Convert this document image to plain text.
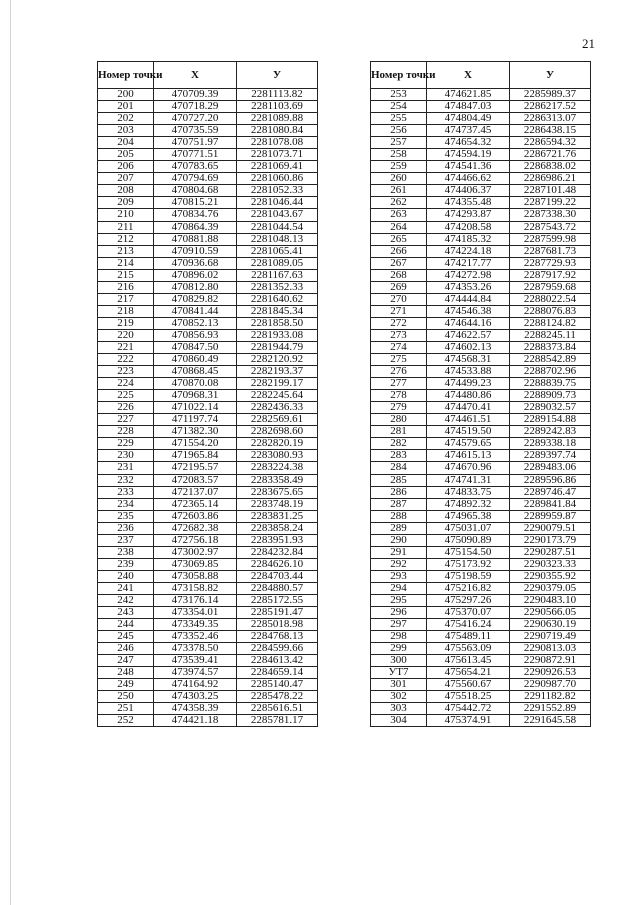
21
Номер точки	Х	У
200	470709.39	2281113.82
201	470718.29	2281103.69
202	470727.20	2281089.88
203	470735.59	2281080.84
204	470751.97	2281078.08
205	470771.51	2281073.71
206	470783.65	2281069.41
207	470794.69	2281060.86
208	470804.68	2281052.33
209	470815.21	2281046.44
210	470834.76	2281043.67
211	470864.39	2281044.54
212	470881.88	2281048.13
213	470910.59	2281065.41
214	470936.68	2281089.05
215	470896.02	2281167.63
216	470812.80	2281352.33
217	470829.82	2281640.62
218	470841.44	2281845.34
219	470852.13	2281858.50
220	470856.93	2281933.08
221	470847.50	2281944.79
222	470860.49	2282120.92
223	470868.45	2282193.37
224	470870.08	2282199.17
225	470968.31	2282245.64
226	471022.14	2282436.33
227	471197.74	2282569.61
228	471382.30	2282698.60
229	471554.20	2282820.19
230	471965.84	2283080.93
231	472195.57	2283224.38
232	472083.57	2283358.49
233	472137.07	2283675.65
234	472365.14	2283748.19
235	472603.86	2283831.25
236	472682.38	2283858.24
237	472756.18	2283951.93
238	473002.97	2284232.84
239	473069.85	2284626.10
240	473058.88	2284703.44
241	473158.82	2284880.57
242	473176.14	2285172.55
243	473354.01	2285191.47
244	473349.35	2285018.98
245	473352.46	2284768.13
246	473378.50	2284599.66
247	473539.41	2284613.42
248	473974.57	2284659.14
249	474164.92	2285140.47
250	474303.25	2285478.22
251	474358.39	2285616.51
252	474421.18	2285781.17
Номер точки	Х	У
253	474621.85	2285989.37
254	474847.03	2286217.52
255	474804.49	2286313.07
256	474737.45	2286438.15
257	474654.32	2286594.32
258	474594.19	2286721.76
259	474541.36	2286838.02
260	474466.62	2286986.21
261	474406.37	2287101.48
262	474355.48	2287199.22
263	474293.87	2287338.30
264	474208.58	2287543.72
265	474185.32	2287599.98
266	474224.18	2287681.73
267	474217.77	2287729.93
268	474272.98	2287917.92
269	474353.26	2287959.68
270	474444.84	2288022.54
271	474546.38	2288076.83
272	474644.16	2288124.82
273	474622.57	2288245.11
274	474602.13	2288373.84
275	474568.31	2288542.89
276	474533.88	2288702.96
277	474499.23	2288839.75
278	474480.86	2288909.73
279	474470.41	2289032.57
280	474461.51	2289154.88
281	474519.50	2289242.83
282	474579.65	2289338.18
283	474615.13	2289397.74
284	474670.96	2289483.06
285	474741.31	2289596.86
286	474833.75	2289746.47
287	474892.32	2289841.84
288	474965.38	2289959.87
289	475031.07	2290079.51
290	475090.89	2290173.79
291	475154.50	2290287.51
292	475173.92	2290323.33
293	475198.59	2290355.92
294	475216.82	2290379.05
295	475297.26	2290483.10
296	475370.07	2290566.05
297	475416.24	2290630.19
298	475489.11	2290719.49
299	475563.09	2290813.03
300	475613.45	2290872.91
УТ7	475654.21	2290926.53
301	475560.67	2290987.70
302	475518.25	2291182.82
303	475442.72	2291552.89
304	475374.91	2291645.58
